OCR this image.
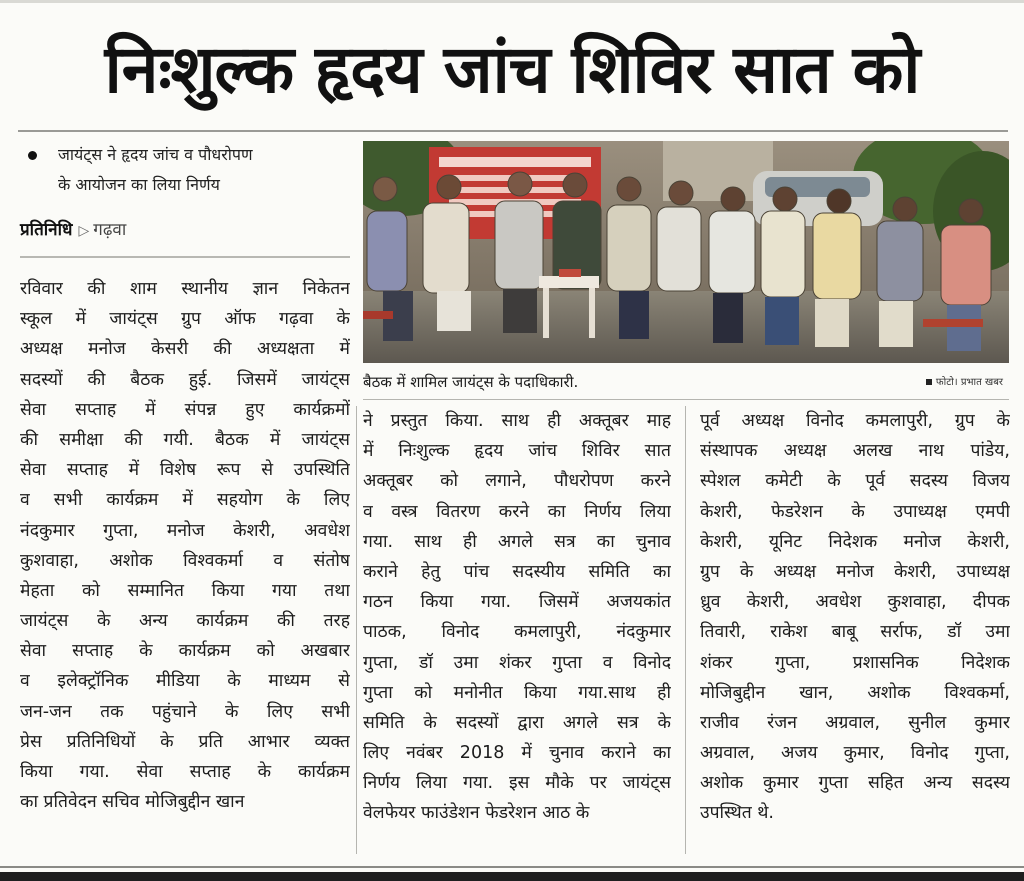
निःशुल्क हृदय जांच शिविर सात को
जायंट्स ने हृदय जांच व पौधरोपण
के आयोजन का लिया निर्णय
प्रतिनिधि ▷ गढ़वा
रविवार की शाम स्थानीय ज्ञान निकेतन
स्कूल में जायंट्स ग्रुप ऑफ गढ़वा के
अध्यक्ष मनोज केसरी की अध्यक्षता में
सदस्यों की बैठक हुई. जिसमें जायंट्स
सेवा सप्ताह में संपन्न हुए कार्यक्रमों
की समीक्षा की गयी. बैठक में जायंट्स
सेवा सप्ताह में विशेष रूप से उपस्थिति
व सभी कार्यक्रम में सहयोग के लिए
नंदकुमार गुप्ता, मनोज केशरी, अवधेश
कुशवाहा, अशोक विश्वकर्मा व संतोष
मेहता को सम्मानित किया गया तथा
जायंट्स के अन्य कार्यक्रम की तरह
सेवा सप्ताह के कार्यक्रम को अखबार
व इलेक्ट्रॉनिक मीडिया के माध्यम से
जन-जन तक पहुंचाने के लिए सभी
प्रेस प्रतिनिधियों के प्रति आभार व्यक्त
किया गया. सेवा सप्ताह के कार्यक्रम
का प्रतिवेदन सचिव मोजिबुद्दीन खान
बैठक में शामिल जायंट्स के पदाधिकारी.	फोटो। प्रभात खबर
ने प्रस्तुत किया. साथ ही अक्तूबर माह
में निःशुल्क हृदय जांच शिविर सात
अक्तूबर को लगाने, पौधरोपण करने
व वस्त्र वितरण करने का निर्णय लिया
गया. साथ ही अगले सत्र का चुनाव
कराने हेतु पांच सदस्यीय समिति का
गठन किया गया. जिसमें अजयकांत
पाठक, विनोद कमलापुरी, नंदकुमार
गुप्ता, डॉ उमा शंकर गुप्ता व विनोद
गुप्ता को मनोनीत किया गया.साथ ही
समिति के सदस्यों द्वारा अगले सत्र के
लिए नवंबर 2018 में चुनाव कराने का
निर्णय लिया गया. इस मौके पर जायंट्स
वेलफेयर फाउंडेशन फेडरेशन आठ के
पूर्व अध्यक्ष विनोद कमलापुरी, ग्रुप के
संस्थापक अध्यक्ष अलख नाथ पांडेय,
स्पेशल कमेटी के पूर्व सदस्य विजय
केशरी, फेडरेशन के उपाध्यक्ष एमपी
केशरी, यूनिट निदेशक मनोज केशरी,
ग्रुप के अध्यक्ष मनोज केशरी, उपाध्यक्ष
ध्रुव केशरी, अवधेश कुशवाहा, दीपक
तिवारी, राकेश बाबू सर्राफ, डॉ उमा
शंकर गुप्ता, प्रशासनिक निदेशक
मोजिबुद्दीन खान, अशोक विश्वकर्मा,
राजीव रंजन अग्रवाल, सुनील कुमार
अग्रवाल, अजय कुमार, विनोद गुप्ता,
अशोक कुमार गुप्ता सहित अन्य सदस्य
उपस्थित थे.
